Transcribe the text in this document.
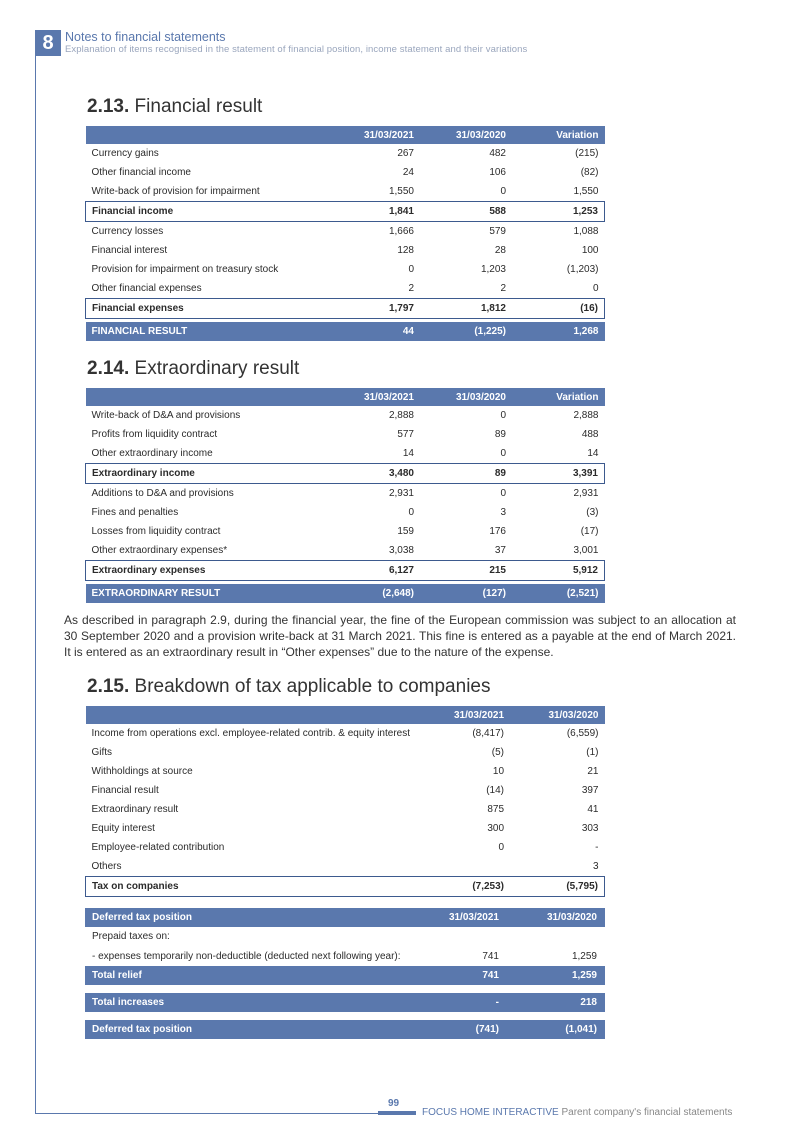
8 Notes to financial statements
Explanation of items recognised in the statement of financial position, income statement and their variations
2.13. Financial result
	31/03/2021	31/03/2020	Variation
Currency gains	267	482	(215)
Other financial income	24	106	(82)
Write-back of provision for impairment	1,550	0	1,550
Financial income	1,841	588	1,253
Currency losses	1,666	579	1,088
Financial interest	128	28	100
Provision for impairment on treasury stock	0	1,203	(1,203)
Other financial expenses	2	2	0
Financial expenses	1,797	1,812	(16)

FINANCIAL RESULT	44	(1,225)	1,268
2.14. Extraordinary result
	31/03/2021	31/03/2020	Variation
Write-back of D&A and provisions	2,888	0	2,888
Profits from liquidity contract	577	89	488
Other extraordinary income	14	0	14
Extraordinary income	3,480	89	3,391
Additions to D&A and provisions	2,931	0	2,931
Fines and penalties	0	3	(3)
Losses from liquidity contract	159	176	(17)
Other extraordinary expenses*	3,038	37	3,001
Extraordinary expenses	6,127	215	5,912

EXTRAORDINARY RESULT	(2,648)	(127)	(2,521)
As described in paragraph 2.9, during the financial year, the fine of the European commission was subject to an allocation at 30 September 2020 and a provision write-back at 31 March 2021. This fine is entered as a payable at the end of March 2021. It is entered as an extraordinary result in “Other expenses” due to the nature of the expense.
2.15. Breakdown of tax applicable to companies
	31/03/2021	31/03/2020
Income from operations excl. employee-related contrib. & equity interest	(8,417)	(6,559)
Gifts	(5)	(1)
Withholdings at source	10	21
Financial result	(14)	397
Extraordinary result	875	41
Equity interest	300	303
Employee-related contribution	0	-
Others		3
Tax on companies	(7,253)	(5,795)
Deferred tax position	31/03/2021	31/03/2020
Prepaid taxes on:
- expenses temporarily non-deductible (deducted next following year):	741	1,259
Total relief	741	1,259
Total increases	-	218
Deferred tax position	(741)	(1,041)
99
FOCUS HOME INTERACTIVE Parent company's financial statements
